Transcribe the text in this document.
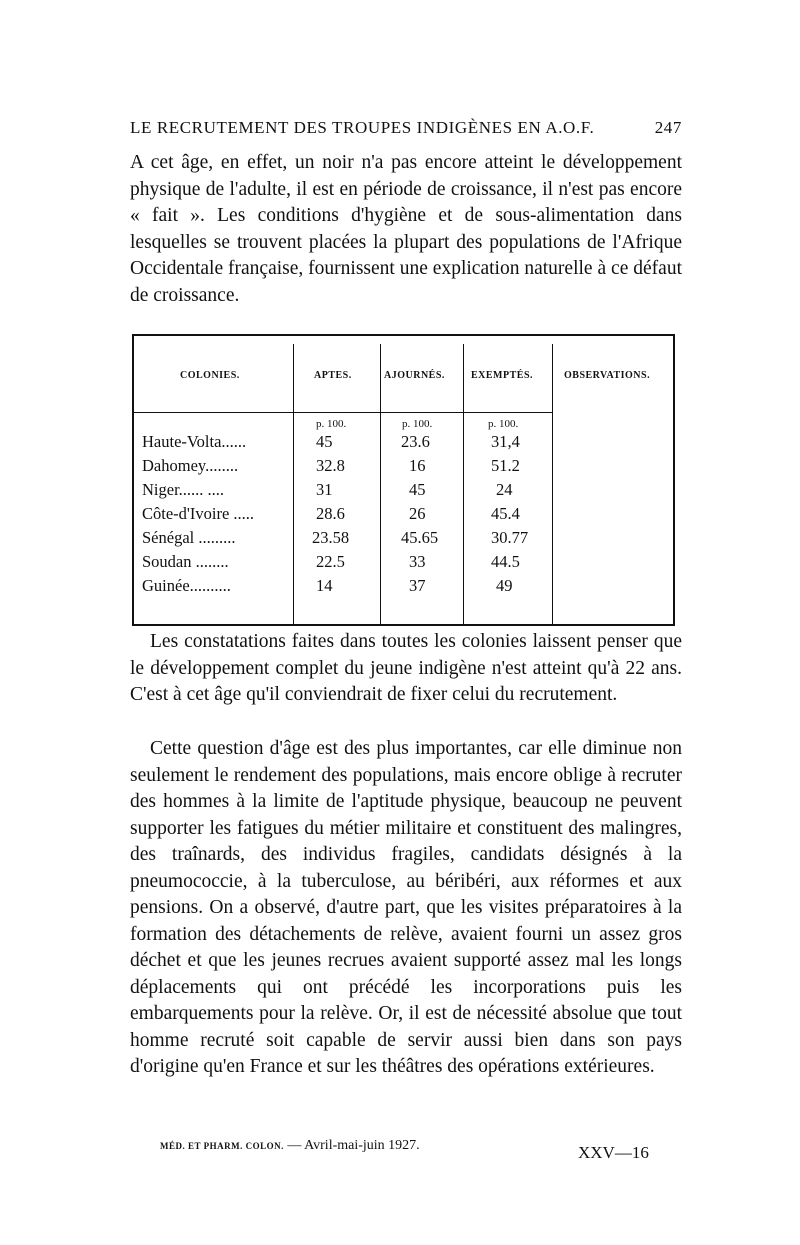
LE RECRUTEMENT DES TROUPES INDIGÈNES EN A.O.F.	247

A cet âge, en effet, un noir n'a pas encore atteint le développement physique de l'adulte, il est en période de croissance, il n'est pas encore « fait ». Les conditions d'hygiène et de sous-alimentation dans lesquelles se trouvent placées la plupart des populations de l'Afrique Occidentale française, fournissent une explication naturelle à ce défaut de croissance.

COLONIES.	APTES.	AJOURNÉS.	EXEMPTÉS.	OBSERVATIONS.
p. 100.	p. 100.	p. 100.
Haute-Volta......	45	23.6	31,4
Dahomey........	32.8	16	51.2
Niger...... ....	31	45	24
Côte-d'Ivoire .....	28.6	26	45.4
Sénégal .........	23.58	45.65	30.77
Soudan ........	22.5	33	44.5
Guinée..........	14	37	49

Les constatations faites dans toutes les colonies laissent penser que le développement complet du jeune indigène n'est atteint qu'à 22 ans. C'est à cet âge qu'il conviendrait de fixer celui du recrutement.

Cette question d'âge est des plus importantes, car elle diminue non seulement le rendement des populations, mais encore oblige à recruter des hommes à la limite de l'aptitude physique, beaucoup ne peuvent supporter les fatigues du métier militaire et constituent des malingres, des traînards, des individus fragiles, candidats désignés à la pneumococcie, à la tuberculose, au béribéri, aux réformes et aux pensions. On a observé, d'autre part, que les visites préparatoires à la formation des détachements de relève, avaient fourni un assez gros déchet et que les jeunes recrues avaient supporté assez mal les longs déplacements qui ont précédé les incorporations puis les embarquements pour la relève. Or, il est de nécessité absolue que tout homme recruté soit capable de servir aussi bien dans son pays d'origine qu'en France et sur les théâtres des opérations extérieures.

MÉD. ET PHARM. COLON. — Avril-mai-juin 1927.	XXV—16
